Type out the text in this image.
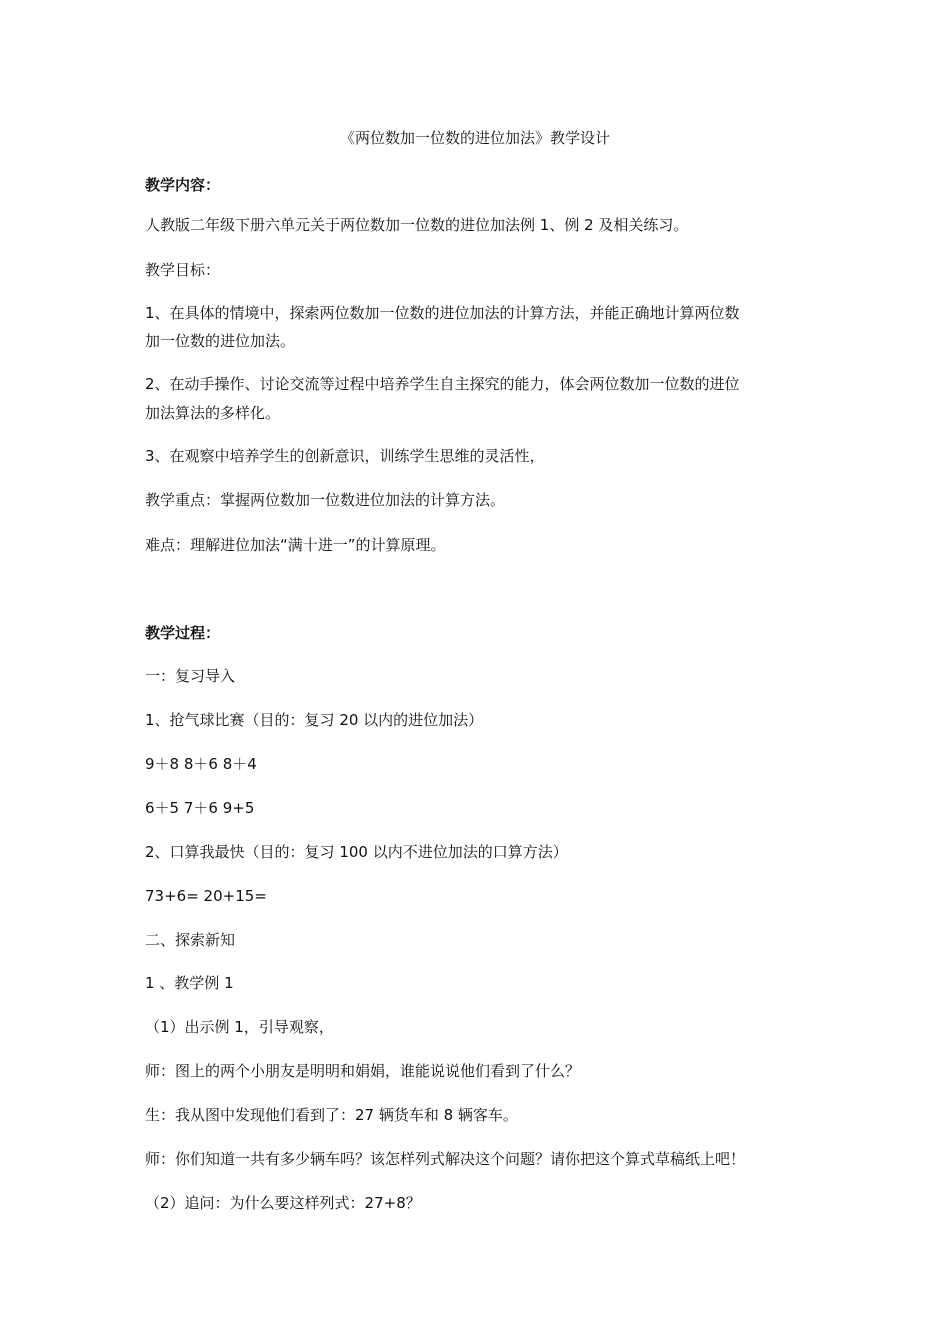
《两位数加一位数的进位加法》教学设计
教学内容：
人教版二年级下册六单元关于两位数加一位数的进位加法例 1、例 2 及相关练习。
教学目标：
1、在具体的情境中，探索两位数加一位数的进位加法的计算方法，并能正确地计算两位数
加一位数的进位加法。
2、在动手操作、讨论交流等过程中培养学生自主探究的能力，体会两位数加一位数的进位
加法算法的多样化。
3、在观察中培养学生的创新意识，训练学生思维的灵活性，
教学重点：掌握两位数加一位数进位加法的计算方法。
难点：理解进位加法“满十进一”的计算原理。
教学过程：
一：复习导入
1、抢气球比赛（目的：复习 20 以内的进位加法）
9＋8 8＋6 8＋4
6＋5 7＋6 9+5
2、口算我最快（目的：复习 100 以内不进位加法的口算方法）
73+6= 20+15=
二、探索新知
1 、教学例 1
（1）出示例 1，引导观察，
师：图上的两个小朋友是明明和娟娟，谁能说说他们看到了什么？
生：我从图中发现他们看到了：27 辆货车和 8 辆客车。
师：你们知道一共有多少辆车吗？该怎样列式解决这个问题？请你把这个算式草稿纸上吧！
（2）追问：为什么要这样列式：27+8？
